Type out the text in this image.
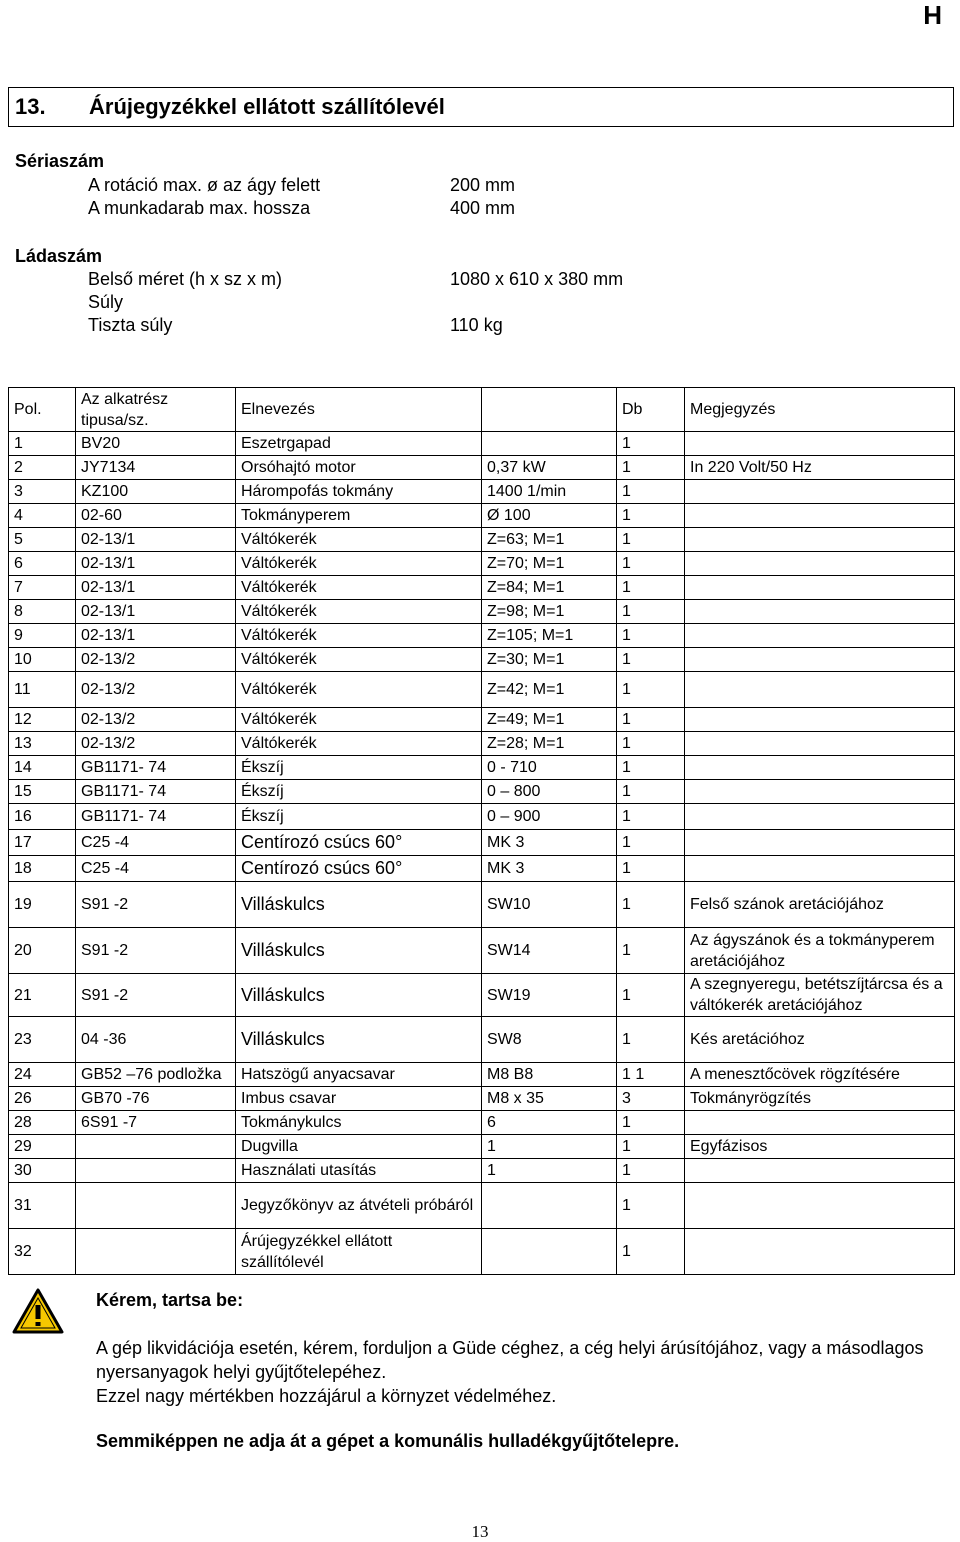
H
13. Árújegyzékkel ellátott szállítólevél
Sériaszám
A rotáció max. ø az ágy felett	200 mm
A munkadarab max. hossza	400 mm
Ládaszám
Belső méret (h x sz x m)	1080 x 610 x 380 mm
Súly
Tiszta súly	110 kg
Pol.	Az alkatrész tipusa/sz.	Elnevezés		Db	Megjegyzés
1	BV20	Eszetrgapad		1	
2	JY7134	Orsóhajtó motor	0,37 kW	1	In 220 Volt/50 Hz
3	KZ100	Hárompofás tokmány	1400 1/min	1	
4	02-60	Tokmányperem	Ø 100	1	
5	02-13/1	Váltókerék	Z=63; M=1	1	
6	02-13/1	Váltókerék	Z=70; M=1	1	
7	02-13/1	Váltókerék	Z=84; M=1	1	
8	02-13/1	Váltókerék	Z=98; M=1	1	
9	02-13/1	Váltókerék	Z=105; M=1	1	
10	02-13/2	Váltókerék	Z=30; M=1	1	
11	02-13/2	Váltókerék	Z=42; M=1	1	
12	02-13/2	Váltókerék	Z=49; M=1	1	
13	02-13/2	Váltókerék	Z=28; M=1	1	
14	GB1171- 74	Ékszíj	0 - 710	1	
15	GB1171- 74	Ékszíj	0 – 800	1	
16	GB1171- 74	Ékszíj	0 – 900	1	
17	C25 -4	Centírozó csúcs 60°	MK 3	1	
18	C25 -4	Centírozó csúcs 60°	MK 3	1	
19	S91 -2	Villáskulcs	SW10	1	Felső szánok aretációjához
20	S91 -2	Villáskulcs	SW14	1	Az ágyszánok és a tokmányperem aretációjához
21	S91 -2	Villáskulcs	SW19	1	A szegnyeregu, betétszíjtárcsa és a váltókerék aretációjához
23	04 -36	Villáskulcs	SW8	1	Kés aretációhoz
24	GB52 –76 podložka	Hatszögű anyacsavar	M8 B8	1 1	A menesztőcövek rögzítésére
26	GB70 -76	Imbus csavar	M8 x 35	3	Tokmányrögzítés
28	6S91 -7	Tokmánykulcs	6	1	
29		Dugvilla	1	1	Egyfázisos
30		Használati utasítás	1	1	
31		Jegyzőkönyv az átvételi próbáról		1	
32		Árújegyzékkel ellátott szállítólevél		1	
Kérem, tartsa be:
A gép likvidációja esetén, kérem, forduljon a Güde céghez, a cég helyi árúsítójához, vagy a másodlagos nyersanyagok helyi gyűjtőtelepéhez.
Ezzel nagy mértékben hozzájárul a környzet védelméhez.
Semmiképpen ne adja át a gépet a komunális hulladékgyűjtőtelepre.
13
